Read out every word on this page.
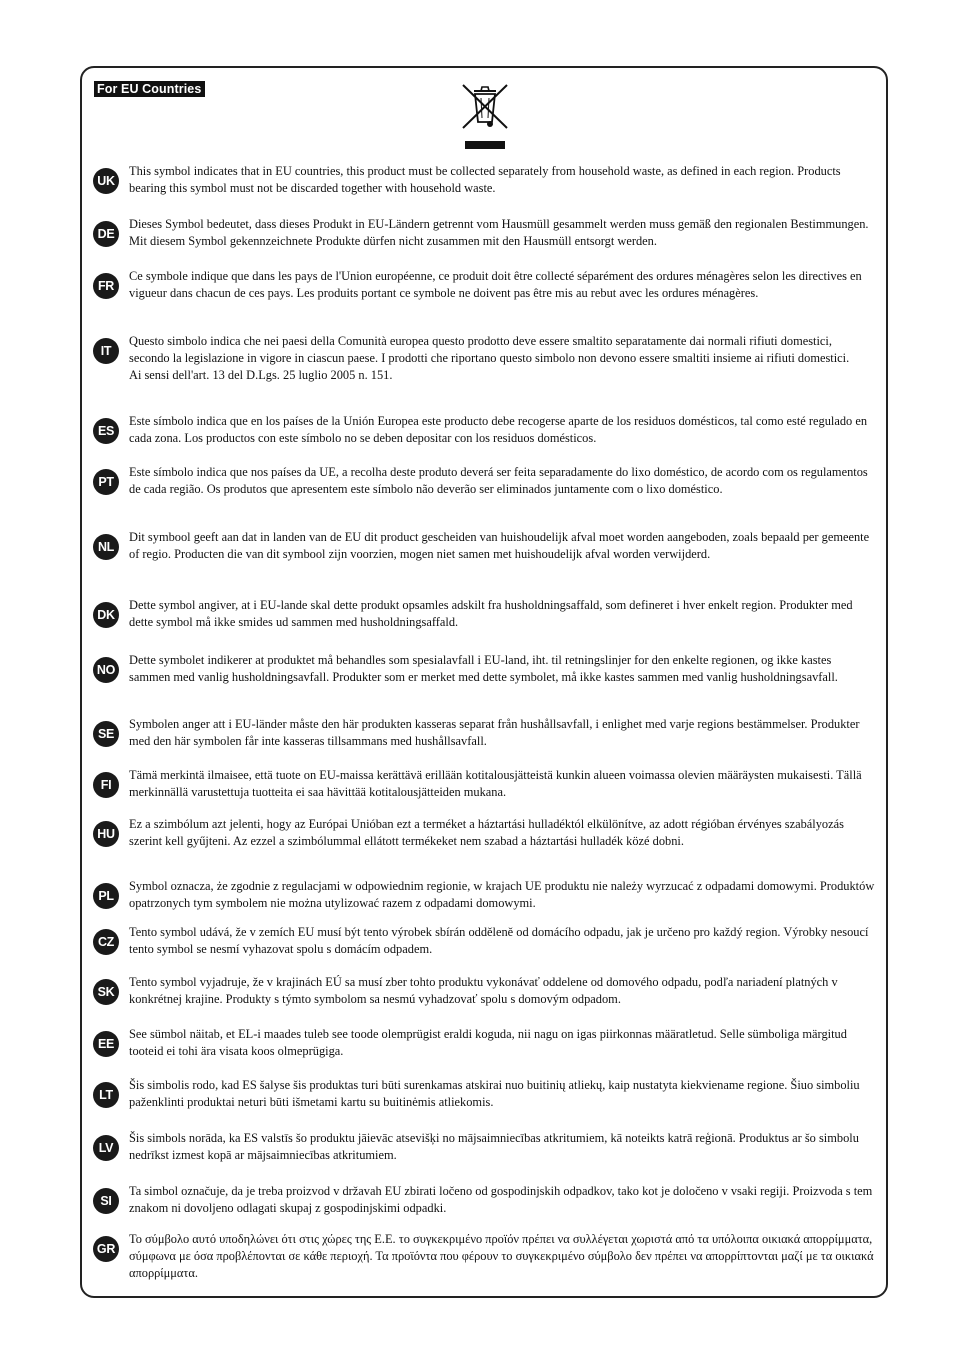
For EU Countries
UK

This symbol indicates that in EU countries, this product must be collected separately from household waste, as defined in each region. Products bearing this symbol must not be discarded together with household waste.

DE

Dieses Symbol bedeutet, dass dieses Produkt in EU-Ländern getrennt vom Hausmüll gesammelt werden muss gemäß den regionalen Bestimmungen. Mit diesem Symbol gekennzeichnete Produkte dürfen nicht zusammen mit den Hausmüll entsorgt werden.

FR

Ce symbole indique que dans les pays de l'Union européenne, ce produit doit être collecté séparément des ordures ménagères selon les directives en vigueur dans chacun de ces pays. Les produits portant ce symbole ne doivent pas être mis au rebut avec les ordures ménagères.

IT

Questo simbolo indica che nei paesi della Comunità europea questo prodotto deve essere smaltito separatamente dai normali rifiuti domestici, secondo la legislazione in vigore in ciascun paese. I prodotti che riportano questo simbolo non devono essere smaltiti insieme ai rifiuti domestici.

Ai sensi dell'art. 13 del D.Lgs. 25 luglio 2005 n. 151.

ES

Este símbolo indica que en los países de la Unión Europea este producto debe recogerse aparte de los residuos domésticos, tal como esté regulado en cada zona. Los productos con este símbolo no se deben depositar con los residuos domésticos.

PT

Este símbolo indica que nos países da UE, a recolha deste produto deverá ser feita separadamente do lixo doméstico, de acordo com os regulamentos de cada região. Os produtos que apresentem este símbolo não deverão ser eliminados juntamente com o lixo doméstico.

NL

Dit symbool geeft aan dat in landen van de EU dit product gescheiden van huishoudelijk afval moet worden aangeboden, zoals bepaald per gemeente of regio. Producten die van dit symbool zijn voorzien, mogen niet samen met huishoudelijk afval worden verwijderd.

DK

Dette symbol angiver, at i EU-lande skal dette produkt opsamles adskilt fra husholdningsaffald, som defineret i hver enkelt region. Produkter med dette symbol må ikke smides ud sammen med husholdningsaffald.

NO

Dette symbolet indikerer at produktet må behandles som spesialavfall i EU-land, iht. til retningslinjer for den enkelte regionen, og ikke kastes sammen med vanlig husholdningsavfall. Produkter som er merket med dette symbolet, må ikke kastes sammen med vanlig husholdningsavfall.

SE

Symbolen anger att i EU-länder måste den här produkten kasseras separat från hushållsavfall, i enlighet med varje regions bestämmelser. Produkter med den här symbolen får inte kasseras tillsammans med hushållsavfall.

FI

Tämä merkintä ilmaisee, että tuote on EU-maissa kerättävä erillään kotitalousjätteistä kunkin alueen voimassa olevien määräysten mukaisesti. Tällä merkinnällä varustettuja tuotteita ei saa hävittää kotitalousjätteiden mukana.

HU

Ez a szimbólum azt jelenti, hogy az Európai Unióban ezt a terméket a háztartási hulladéktól elkülönítve, az adott régióban érvényes szabályozás szerint kell gyűjteni. Az ezzel a szimbólummal ellátott termékeket nem szabad a háztartási hulladék közé dobni.

PL

Symbol oznacza, że zgodnie z regulacjami w odpowiednim regionie, w krajach UE produktu nie należy wyrzucać z odpadami domowymi. Produktów opatrzonych tym symbolem nie można utylizować razem z odpadami domowymi.

CZ

Tento symbol udává, že v zemích EU musí být tento výrobek sbírán odděleně od domácího odpadu, jak je určeno pro každý region. Výrobky nesoucí tento symbol se nesmí vyhazovat spolu s domácím odpadem.

SK

Tento symbol vyjadruje, že v krajinách EÚ sa musí zber tohto produktu vykonávať oddelene od domového odpadu, podľa nariadení platných v konkrétnej krajine. Produkty s týmto symbolom sa nesmú vyhadzovať spolu s domovým odpadom.

EE

See sümbol näitab, et EL-i maades tuleb see toode olemprügist eraldi koguda, nii nagu on igas piirkonnas määratletud. Selle sümboliga märgitud tooteid ei tohi ära visata koos olmeprügiga.

LT

Šis simbolis rodo, kad ES šalyse šis produktas turi būti surenkamas atskirai nuo buitinių atliekų, kaip nustatyta kiekviename regione. Šiuo simboliu paženklinti produktai neturi būti išmetami kartu su buitinėmis atliekomis.

LV

Šis simbols norāda, ka ES valstīs šo produktu jāievāc atsevišķi no mājsaimniecības atkritumiem, kā noteikts katrā reģionā. Produktus ar šo simbolu nedrīkst izmest kopā ar mājsaimniecības atkritumiem.

SI

Ta simbol označuje, da je treba proizvod v državah EU zbirati ločeno od gospodinjskih odpadkov, tako kot je določeno v vsaki regiji. Proizvoda s tem znakom ni dovoljeno odlagati skupaj z gospodinjskimi odpadki.

GR

Το σύμβολο αυτό υποδηλώνει ότι στις χώρες της Ε.Ε. το συγκεκριμένο προϊόν πρέπει να συλλέγεται χωριστά από τα υπόλοιπα οικιακά απορρίμματα, σύμφωνα με όσα προβλέπονται σε κάθε περιοχή. Τα προϊόντα που φέρουν το συγκεκριμένο σύμβολο δεν πρέπει να απορρίπτονται μαζί με τα οικιακά απορρίμματα.
